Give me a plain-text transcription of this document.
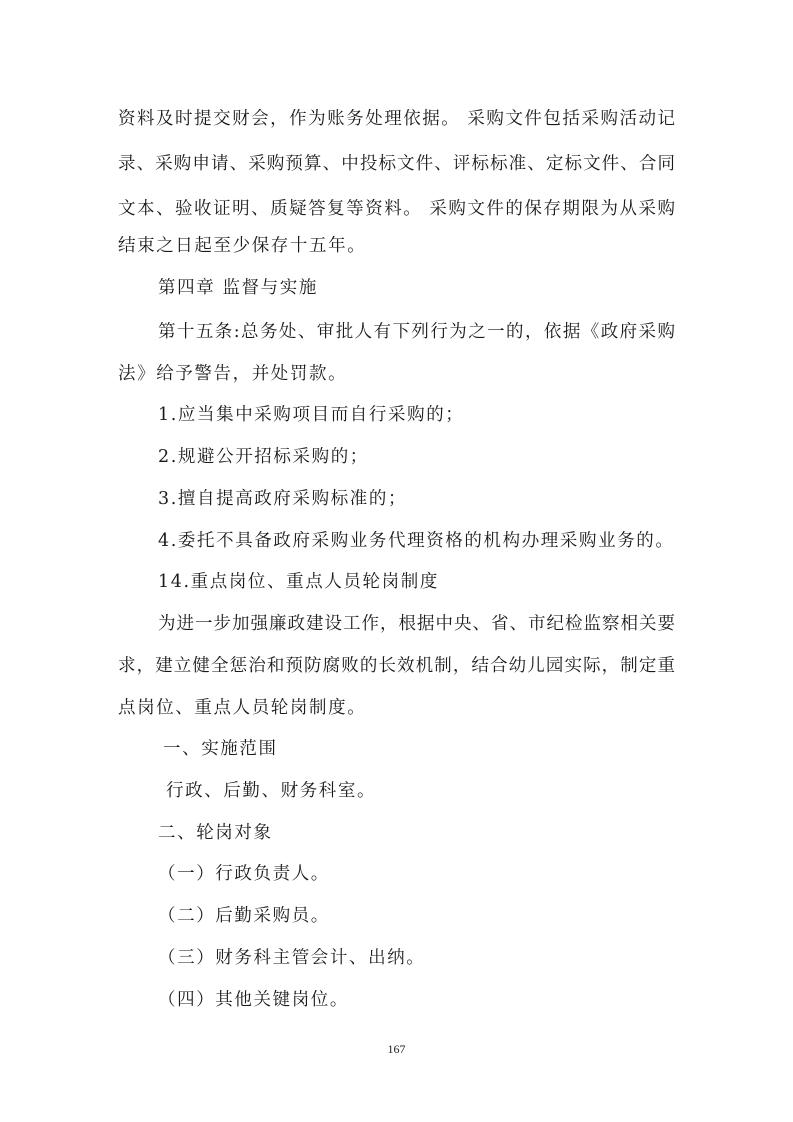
资料及时提交财会，作为账务处理依据。 采购文件包括采购活动记
录、采购申请、采购预算、中投标文件、评标标准、定标文件、合同
文本、验收证明、质疑答复等资料。 采购文件的保存期限为从采购
结束之日起至少保存十五年。
第四章 监督与实施
第十五条:总务处、审批人有下列行为之一的，依据《政府采购
法》给予警告，并处罚款。
1.应当集中采购项目而自行采购的；
2.规避公开招标采购的；
3.擅自提高政府采购标准的；
4.委托不具备政府采购业务代理资格的机构办理采购业务的。
14.重点岗位、重点人员轮岗制度
为进一步加强廉政建设工作，根据中央、省、市纪检监察相关要
求，建立健全惩治和预防腐败的长效机制，结合幼儿园实际，制定重
点岗位、重点人员轮岗制度。
一、实施范围
行政、后勤、财务科室。
二、轮岗对象
（一）行政负责人。
（二）后勤采购员。
（三）财务科主管会计、出纳。
（四）其他关键岗位。
167
